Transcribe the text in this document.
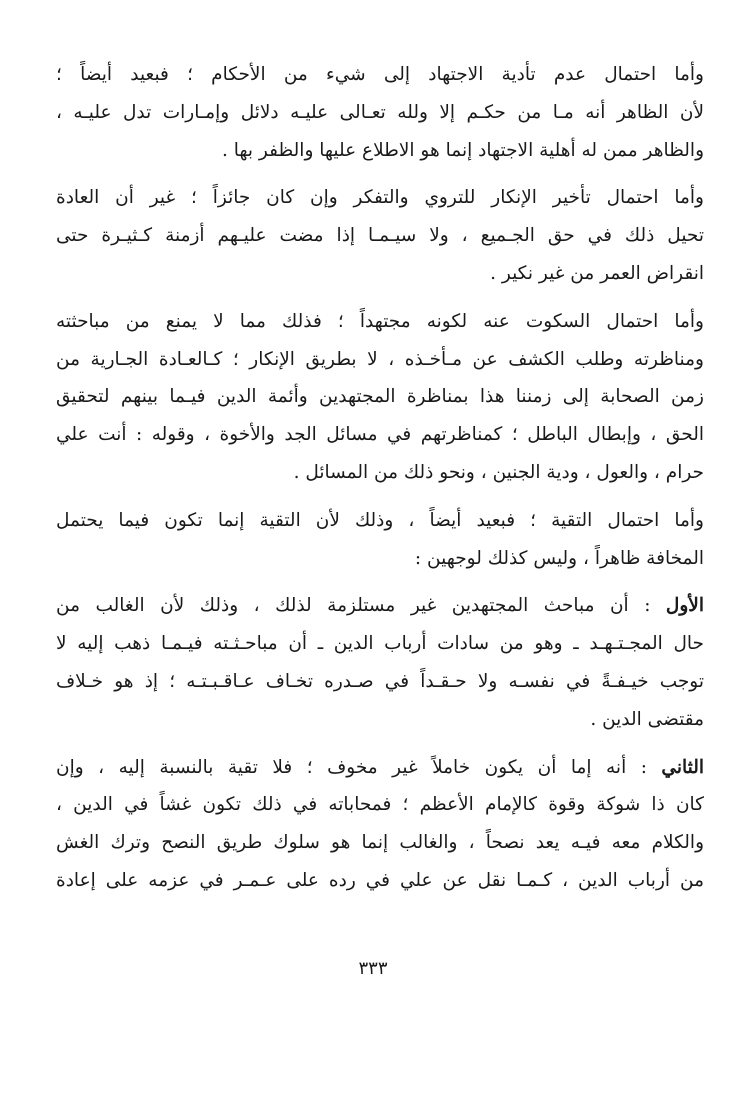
وأما احتمال عدم تأدية الاجتهاد إلى شيء من الأحكام ؛ فبعيد أيضاً ؛
لأن الظاهر أنه مـا من حكـم إلا ولله تعـالى عليـه دلائل وإمـارات تدل عليـه ،
والظاهر ممن له أهلية الاجتهاد إنما هو الاطلاع عليها والظفر بها .

وأما احتمال تأخير الإنكار للتروي والتفكر وإن كان جائزاً ؛ غير أن العادة
تحيل ذلك في حق الجـميع ، ولا سيـمـا إذا مضت عليـهم أزمنة كـثيـرة حتى
انقراض العمر من غير نكير .

وأما احتمال السكوت عنه لكونه مجتهداً ؛ فذلك مما لا يمنع من مباحثته
ومناظرته وطلب الكشف عن مـأخـذه ، لا بطريق الإنكار ؛ كـالعـادة الجـارية من
زمن الصحابة إلى زمننا هذا بمناظرة المجتهدين وأئمة الدين فيـما بينهم لتحقيق
الحق ، وإبطال الباطل ؛ كمناظرتهم في مسائل الجد والأخوة ، وقوله : أنت علي
حرام ، والعول ، ودية الجنين ، ونحو ذلك من المسائل .

وأما احتمال التقية ؛ فبعيد أيضاً ، وذلك لأن التقية إنما تكون فيما يحتمل
المخافة ظاهراً ، وليس كذلك لوجهين :

الأول : أن مباحث المجتهدين غير مستلزمة لذلك ، وذلك لأن الغالب من
حال المجـتـهـد ـ وهو من سادات أرباب الدين ـ أن مباحـثـته فيـمـا ذهب إليه لا
توجب خيـفـةً في نفسـه ولا حـقـداً في صـدره تخـاف عـاقـبـتـه ؛ إذ هو خـلاف
مقتضى الدين .

الثاني : أنه إما أن يكون خاملاً غير مخوف ؛ فلا تقية بالنسبة إليه ، وإن
كان ذا شوكة وقوة كالإمام الأعظم ؛ فمحاباته في ذلك تكون غشاً في الدين ،
والكلام معه فيـه يعد نصحاً ، والغالب إنما هو سلوك طريق النصح وترك الغش
من أرباب الدين ، كـمـا نقل عن علي في رده على عـمـر في عزمه على إعادة

٣٣٣
